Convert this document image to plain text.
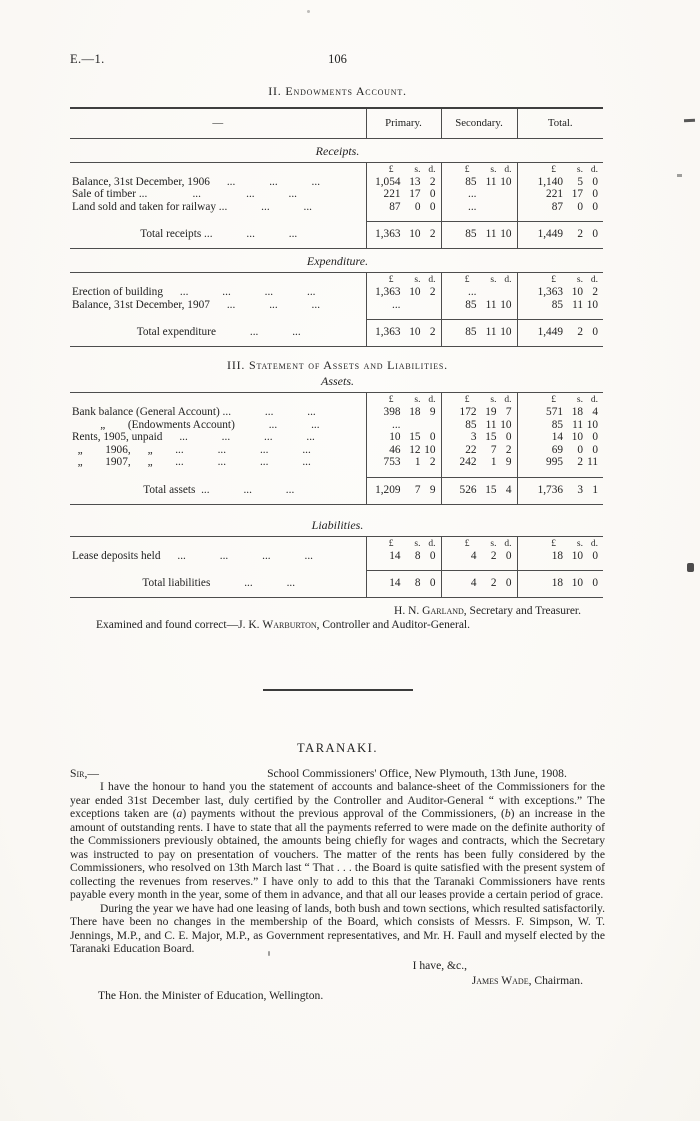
E.—1.	106
II. Endowments Account.
—	Primary.	Secondary.	Total.
Receipts.
	£ s. d.	£ s. d.	£ s. d.
Balance, 31st December, 1906  ...   ...   ...	1,054 13 2	85 11 10	1,140 5 0
Sale of timber ...    ...    ...   ...	221 17 0	...	221 17 0
Land sold and taken for railway ...   ...   ...	87 0 0	...	87 0 0
Total receipts ...   ...   ...	1,363 10 2	85 11 10	1,449 2 0
Expenditure.
	£ s. d.	£ s. d.	£ s. d.
Erection of building  ...   ...   ...   ...	1,363 10 2	...	1,363 10 2
Balance, 31st December, 1907  ...   ...   ...	...	85 11 10	85 11 10
Total expenditure   ...   ...	1,363 10 2	85 11 10	1,449 2 0
III. Statement of Assets and Liabilities.
Assets.
	£ s. d.	£ s. d.	£ s. d.
Bank balance (General Account) ...   ...   ...	398 18 9	172 19 7	571 18 4
   „  (Endowments Account)   ...   ...	...	85 11 10	85 11 10
Rents, 1905, unpaid  ...   ...   ...   ...	10 15 0	3 15 0	14 10 0
 „  1906,  „  ...   ...   ...   ...	46 12 10	22 7 2	69 0 0
 „  1907,  „  ...   ...   ...   ...	753 1 2	242 1 9	995 2 11
Total assets ...   ...   ...	1,209 7 9	526 15 4	1,736 3 1
Liabilities.
	£ s. d.	£ s. d.	£ s. d.
Lease deposits held  ...   ...   ...   ...	14 8 0	4 2 0	18 10 0
Total liabilities   ...   ...	14 8 0	4 2 0	18 10 0
H. N. Garland, Secretary and Treasurer.
Examined and found correct—J. K. Warburton, Controller and Auditor-General.
TARANAKI.
Sir,—	School Commissioners' Office, New Plymouth, 13th June, 1908.

I have the honour to hand you the statement of accounts and balance-sheet of the Commissioners for the year ended 31st December last, duly certified by the Controller and Auditor-General “ with exceptions.” The exceptions taken are (a) payments without the previous approval of the Commissioners, (b) an increase in the amount of outstanding rents. I have to state that all the payments referred to were made on the definite authority of the Commissioners previously obtained, the amounts being chiefly for wages and contracts, which the Secretary was instructed to pay on presentation of vouchers. The matter of the rents has been fully considered by the Commissioners, who resolved on 13th March last “ That . . . the Board is quite satisfied with the present system of collecting the revenues from reserves.” I have only to add to this that the Taranaki Commissioners have rents payable every month in the year, some of them in advance, and that all our leases provide a certain period of grace.

During the year we have had one leasing of lands, both bush and town sections, which resulted satisfactorily. There have been no changes in the membership of the Board, which consists of Messrs. F. Simpson, W. T. Jennings, M.P., and C. E. Major, M.P., as Government representatives, and Mr. H. Faull and myself elected by the Taranaki Education Board.

I have, &c.,
James Wade, Chairman.
The Hon. the Minister of Education, Wellington.
